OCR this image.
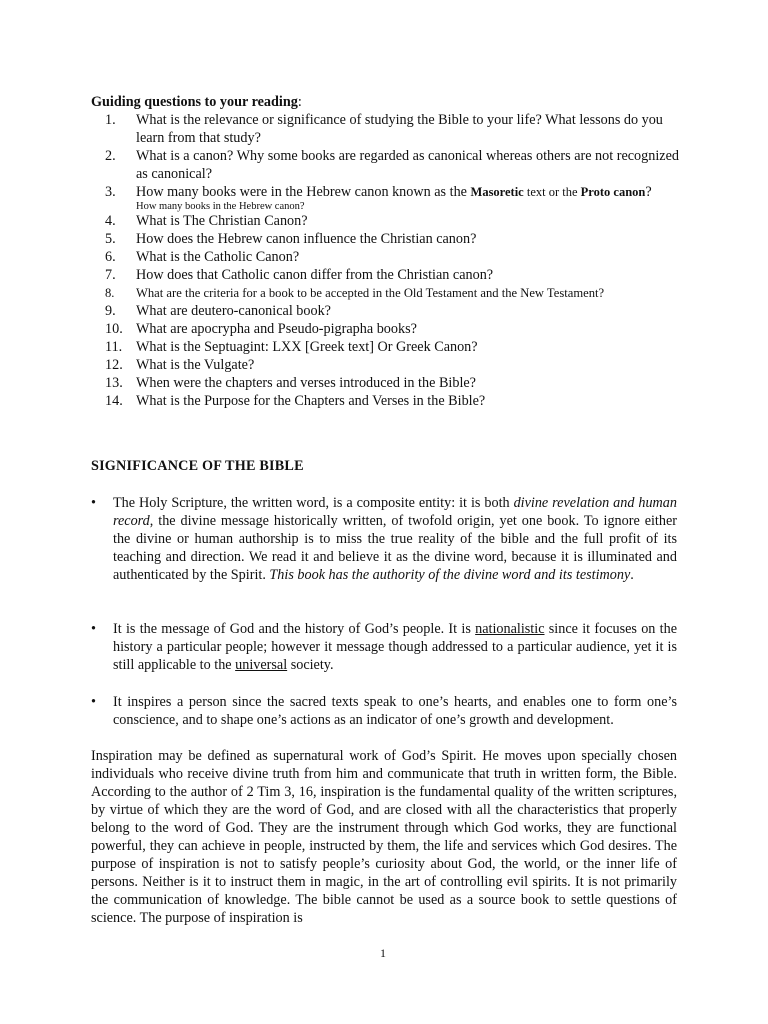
Guiding questions to your reading:
1.	What is the relevance or significance of studying the Bible to your life? What lessons do you learn from that study?
2.	What is a canon? Why some books are regarded as canonical whereas others are not recognized as canonical?
3.	How many books were in the Hebrew canon known as the Masoretic text or the Proto canon?
How many books in the Hebrew canon?
4.	What is The Christian Canon?
5.	How does the Hebrew canon influence the Christian canon?
6.	What is the Catholic Canon?
7.	How does that Catholic canon differ from the Christian canon?
8.	What are the criteria for a book to be accepted in the Old Testament and the New Testament?
9.	What are deutero-canonical book?
10. What are apocrypha and Pseudo-pigrapha books?
11. What is the Septuagint: LXX [Greek text] Or Greek Canon?
12. What is the Vulgate?
13. When were the chapters and verses introduced in the Bible?
14. What is the Purpose for the Chapters and Verses in the Bible?
SIGNIFICANCE OF THE BIBLE
•	The Holy Scripture, the written word, is a composite entity: it is both divine revelation and human record, the divine message historically written, of twofold origin, yet one book. To ignore either the divine or human authorship is to miss the true reality of the bible and the full profit of its teaching and direction. We read it and believe it as the divine word, because it is illuminated and authenticated by the Spirit. This book has the authority of the divine word and its testimony.
•	It is the message of God and the history of God’s people. It is nationalistic since it focuses on the history a particular people; however it message though addressed to a particular audience, yet it is still applicable to the universal society.
•	It inspires a person since the sacred texts speak to one’s hearts, and enables one to form one’s conscience, and to shape one’s actions as an indicator of one’s growth and development.
Inspiration may be defined as supernatural work of God’s Spirit. He moves upon specially chosen individuals who receive divine truth from him and communicate that truth in written form, the Bible. According to the author of 2 Tim 3, 16, inspiration is the fundamental quality of the written scriptures, by virtue of which they are the word of God, and are closed with all the characteristics that properly belong to the word of God. They are the instrument through which God works, they are functional powerful, they can achieve in people, instructed by them, the life and services which God desires. The purpose of inspiration is not to satisfy people’s curiosity about God, the world, or the inner life of persons. Neither is it to instruct them in magic, in the art of controlling evil spirits. It is not primarily the communication of knowledge. The bible cannot be used as a source book to settle questions of science. The purpose of inspiration is
1
